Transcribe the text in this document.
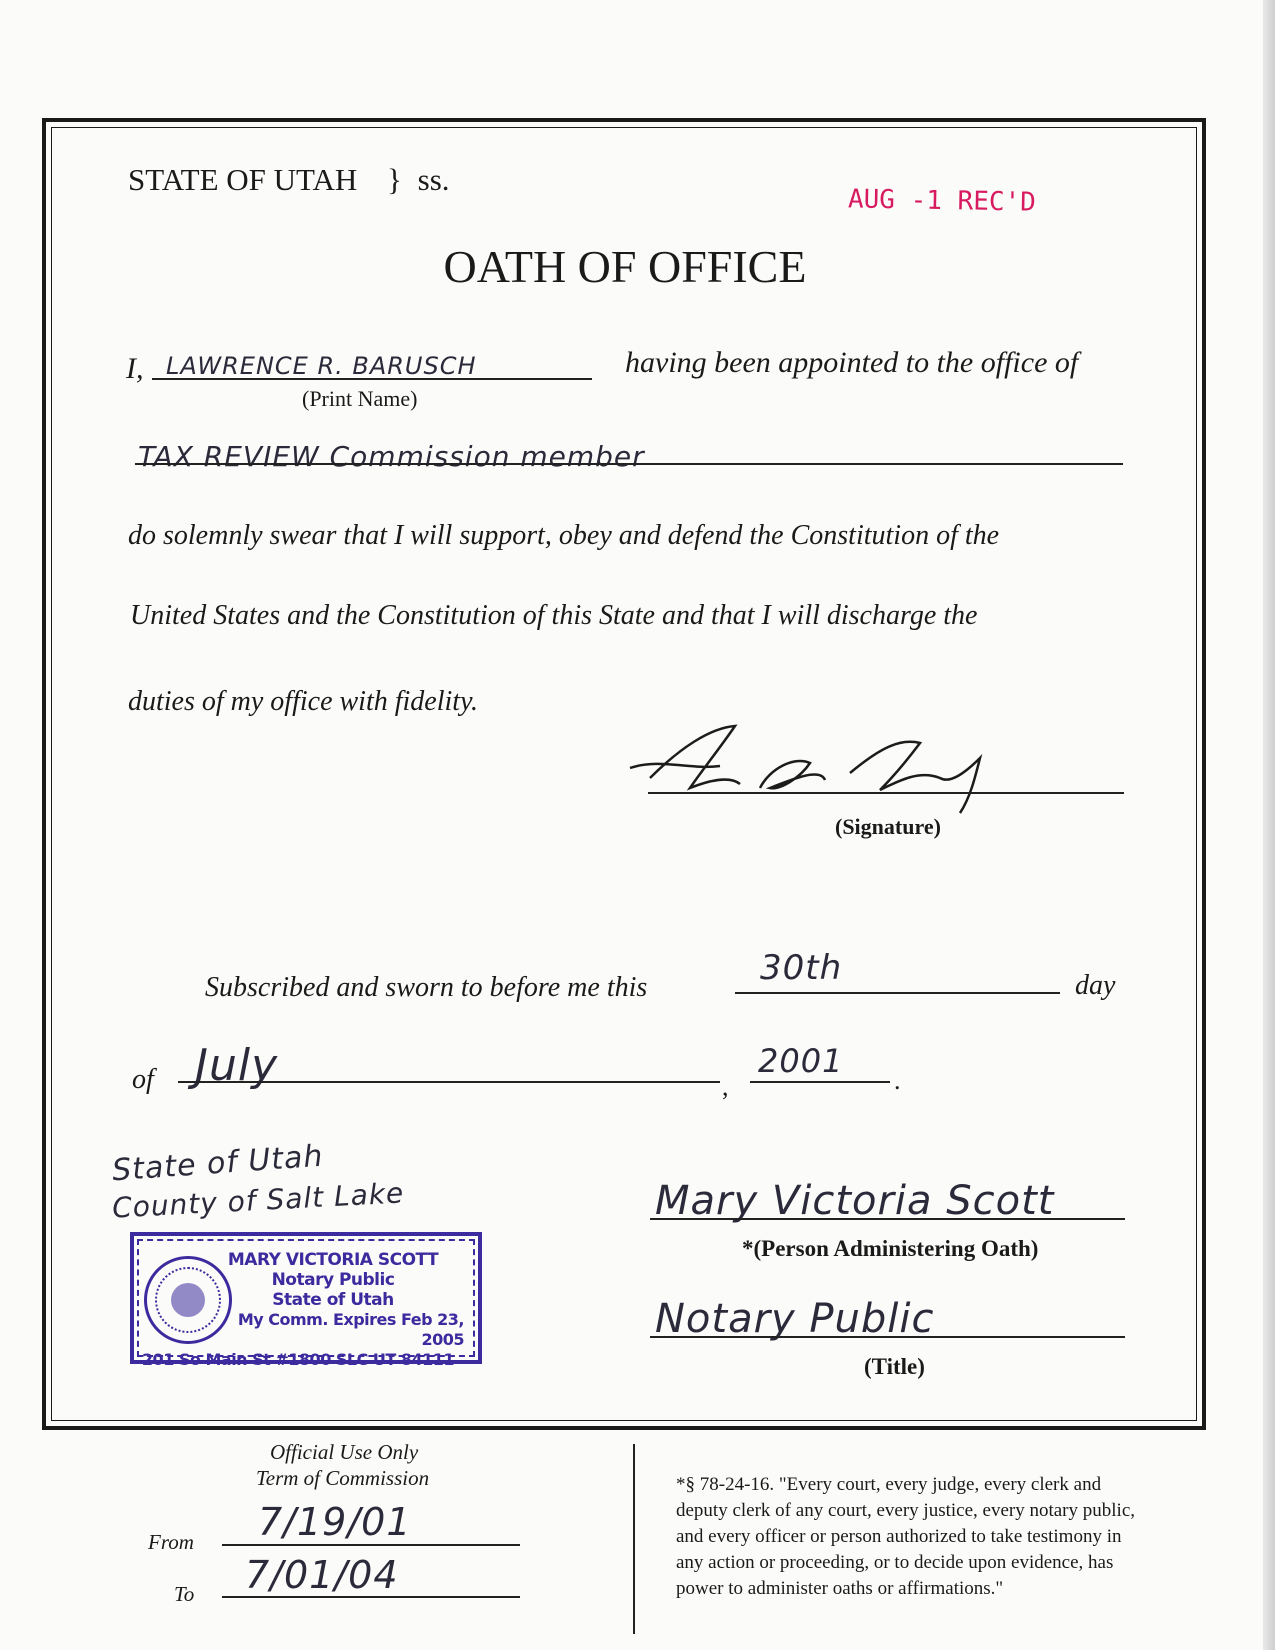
STATE OF UTAH } ss.
AUG -1 REC'D
OATH OF OFFICE
I, LAWRENCE R. BARUSCH
(Print Name)
having been appointed to the office of
TAX REVIEW Commission member
do solemnly swear that I will support, obey and defend the Constitution of the
United States and the Constitution of this State and that I will discharge the
duties of my office with fidelity.
(Signature)
Subscribed and sworn to before me this	30th	day
of July	,
2001
.
State of Utah
County of Salt Lake	Mary Victoria Scott
*(Person Administering Oath)
Notary Public
(Title)
MARY VICTORIA SCOTT
Notary Public
State of Utah
My Comm. Expires Feb 23, 2005
201 So Main St #1800 SLC UT 84111
Official Use Only
Term of Commission
From 7/19/01
To 7/01/04
*§ 78-24-16. "Every court, every judge, every clerk and
deputy clerk of any court, every justice, every notary public,
and every officer or person authorized to take testimony in
any action or proceeding, or to decide upon evidence, has
power to administer oaths or affirmations."
